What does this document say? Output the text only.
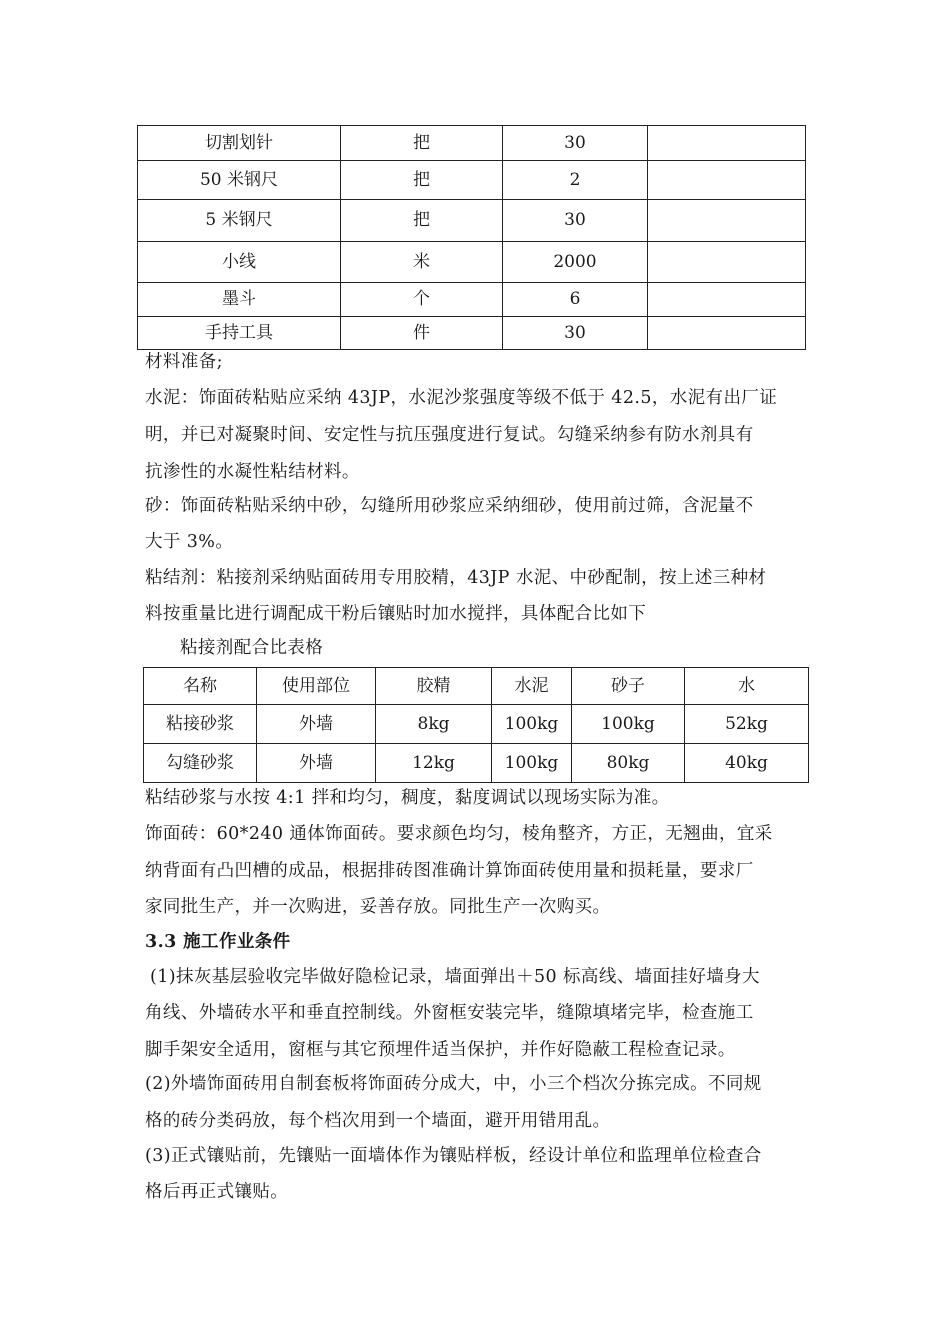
切割划针	把	30	
50 米钢尺	把	2	
5 米钢尺	把	30	
小线	米	2000	
墨斗	个	6	
手持工具	件	30	
材料准备;
水泥：饰面砖粘贴应采纳 43JP，水泥沙浆强度等级不低于 42.5，水泥有出厂证
明，并已对凝聚时间、安定性与抗压强度进行复试。勾缝采纳参有防水剂具有
抗渗性的水凝性粘结材料。
砂：饰面砖粘贴采纳中砂，勾缝所用砂浆应采纳细砂，使用前过筛，含泥量不
大于 3%。
粘结剂：粘接剂采纳贴面砖用专用胶精，43JP 水泥、中砂配制，按上述三种材
料按重量比进行调配成干粉后镶贴时加水搅拌，具体配合比如下
粘接剂配合比表格
名称	使用部位	胶精	水泥	砂子	水
粘接砂浆	外墙	8kg	100kg	100kg	52kg
勾缝砂浆	外墙	12kg	100kg	80kg	40kg
粘结砂浆与水按 4:1 拌和均匀，稠度，黏度调试以现场实际为准。
饰面砖：60*240 通体饰面砖。要求颜色均匀，棱角整齐，方正，无翘曲，宜采
纳背面有凸凹槽的成品，根据排砖图准确计算饰面砖使用量和损耗量，要求厂
家同批生产，并一次购进，妥善存放。同批生产一次购买。
3.3 施工作业条件
(1)抹灰基层验收完毕做好隐检记录，墙面弹出＋50 标高线、墙面挂好墙身大
角线、外墙砖水平和垂直控制线。外窗框安装完毕，缝隙填堵完毕，检查施工
脚手架安全适用，窗框与其它预埋件适当保护，并作好隐蔽工程检查记录。
(2)外墙饰面砖用自制套板将饰面砖分成大，中，小三个档次分拣完成。不同规
格的砖分类码放，每个档次用到一个墙面，避开用错用乱。
(3)正式镶贴前，先镶贴一面墙体作为镶贴样板，经设计单位和监理单位检查合
格后再正式镶贴。
